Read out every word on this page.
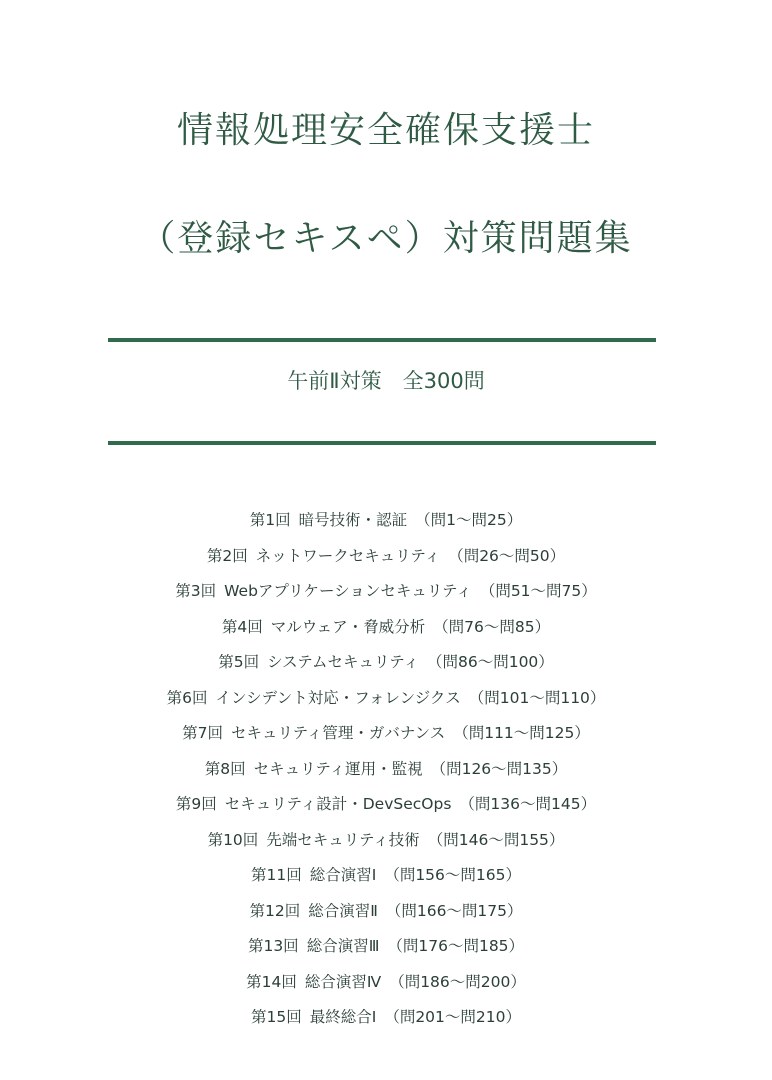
情報処理安全確保支援士
（登録セキスペ）対策問題集
午前Ⅱ対策　全300問
第1回 暗号技術・認証 （問1〜問25）
第2回 ネットワークセキュリティ （問26〜問50）
第3回 Webアプリケーションセキュリティ （問51〜問75）
第4回 マルウェア・脅威分析 （問76〜問85）
第5回 システムセキュリティ （問86〜問100）
第6回 インシデント対応・フォレンジクス （問101〜問110）
第7回 セキュリティ管理・ガバナンス （問111〜問125）
第8回 セキュリティ運用・監視 （問126〜問135）
第9回 セキュリティ設計・DevSecOps （問136〜問145）
第10回 先端セキュリティ技術 （問146〜問155）
第11回 総合演習Ⅰ （問156〜問165）
第12回 総合演習Ⅱ （問166〜問175）
第13回 総合演習Ⅲ （問176〜問185）
第14回 総合演習Ⅳ （問186〜問200）
第15回 最終総合Ⅰ （問201〜問210）
